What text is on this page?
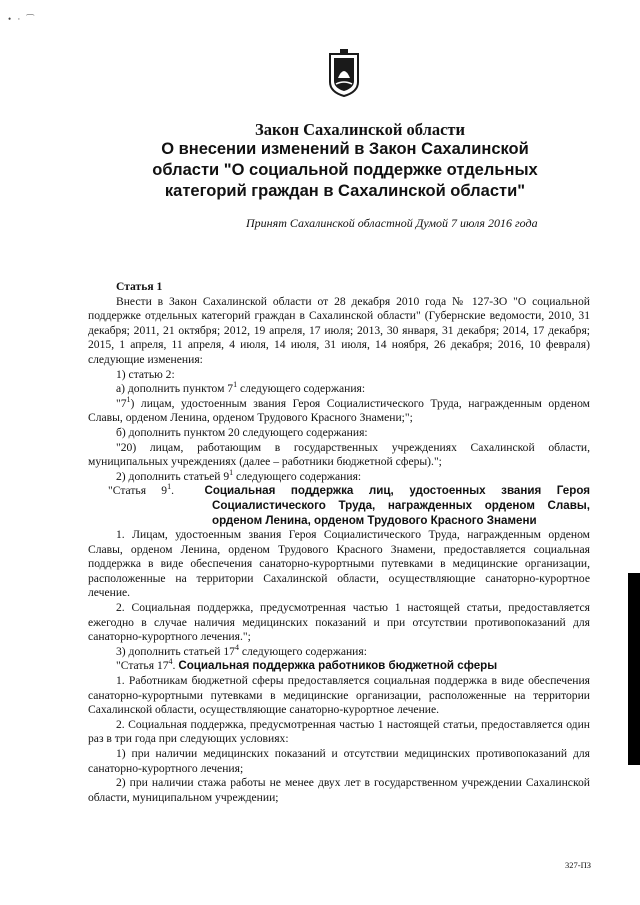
• · ⁀
Закон Сахалинской области
О внесении изменений в Закон Сахалинской области "О социальной поддержке отдельных категорий граждан в Сахалинской области"
Принят Сахалинской областной Думой 7 июля 2016 года

Статья 1

Внести в Закон Сахалинской области от 28 декабря 2010 года № 127-ЗО "О социальной поддержке отдельных категорий граждан в Сахалинской области" (Губернские ведомости, 2010, 31 декабря; 2011, 21 октября; 2012, 19 апреля, 17 июля; 2013, 30 января, 31 декабря; 2014, 17 декабря; 2015, 1 апреля, 11 апреля, 4 июля, 14 июля, 31 июля, 14 ноября, 26 декабря; 2016, 10 февраля) следующие изменения:

1) статью 2:

а) дополнить пунктом $7^1$ следующего содержания:

"$7^1$) лицам, удостоенным звания Героя Социалистического Труда, награжденным орденом Славы, орденом Ленина, орденом Трудового Красного Знамени;";

б) дополнить пунктом 20 следующего содержания:

"20) лицам, работающим в государственных учреждениях Сахалинской области, муниципальных учреждениях (далее – работники бюджетной сферы).";

2) дополнить статьей $9^1$ следующего содержания:

"Статья $9^1$.	Социальная поддержка лиц, удостоенных звания Героя Социалистического Труда, награжденных орденом Славы, орденом Ленина, орденом Трудового Красного Знамени

1. Лицам, удостоенным звания Героя Социалистического Труда, награжденным орденом Славы, орденом Ленина, орденом Трудового Красного Знамени, предоставляется социальная поддержка в виде обеспечения санаторно-курортными путевками в медицинские организации, расположенные на территории Сахалинской области, осуществляющие санаторно-курортное лечение.

2. Социальная поддержка, предусмотренная частью 1 настоящей статьи, предоставляется ежегодно в случае наличия медицинских показаний и при отсутствии противопоказаний для санаторно-курортного лечения.";

3) дополнить статьей $17^4$ следующего содержания:

"Статья $17^4$. Социальная поддержка работников бюджетной сферы

1. Работникам бюджетной сферы предоставляется социальная поддержка в виде обеспечения санаторно-курортными путевками в медицинские организации, расположенные на территории Сахалинской области, осуществляющие санаторно-курортное лечение.

2. Социальная поддержка, предусмотренная частью 1 настоящей статьи, предоставляется один раз в три года при следующих условиях:

1) при наличии медицинских показаний и отсутствии медицинских противопоказаний для санаторно-курортного лечения;

2) при наличии стажа работы не менее двух лет в государственном учреждении Сахалинской области, муниципальном учреждении;

327-ПЗ
